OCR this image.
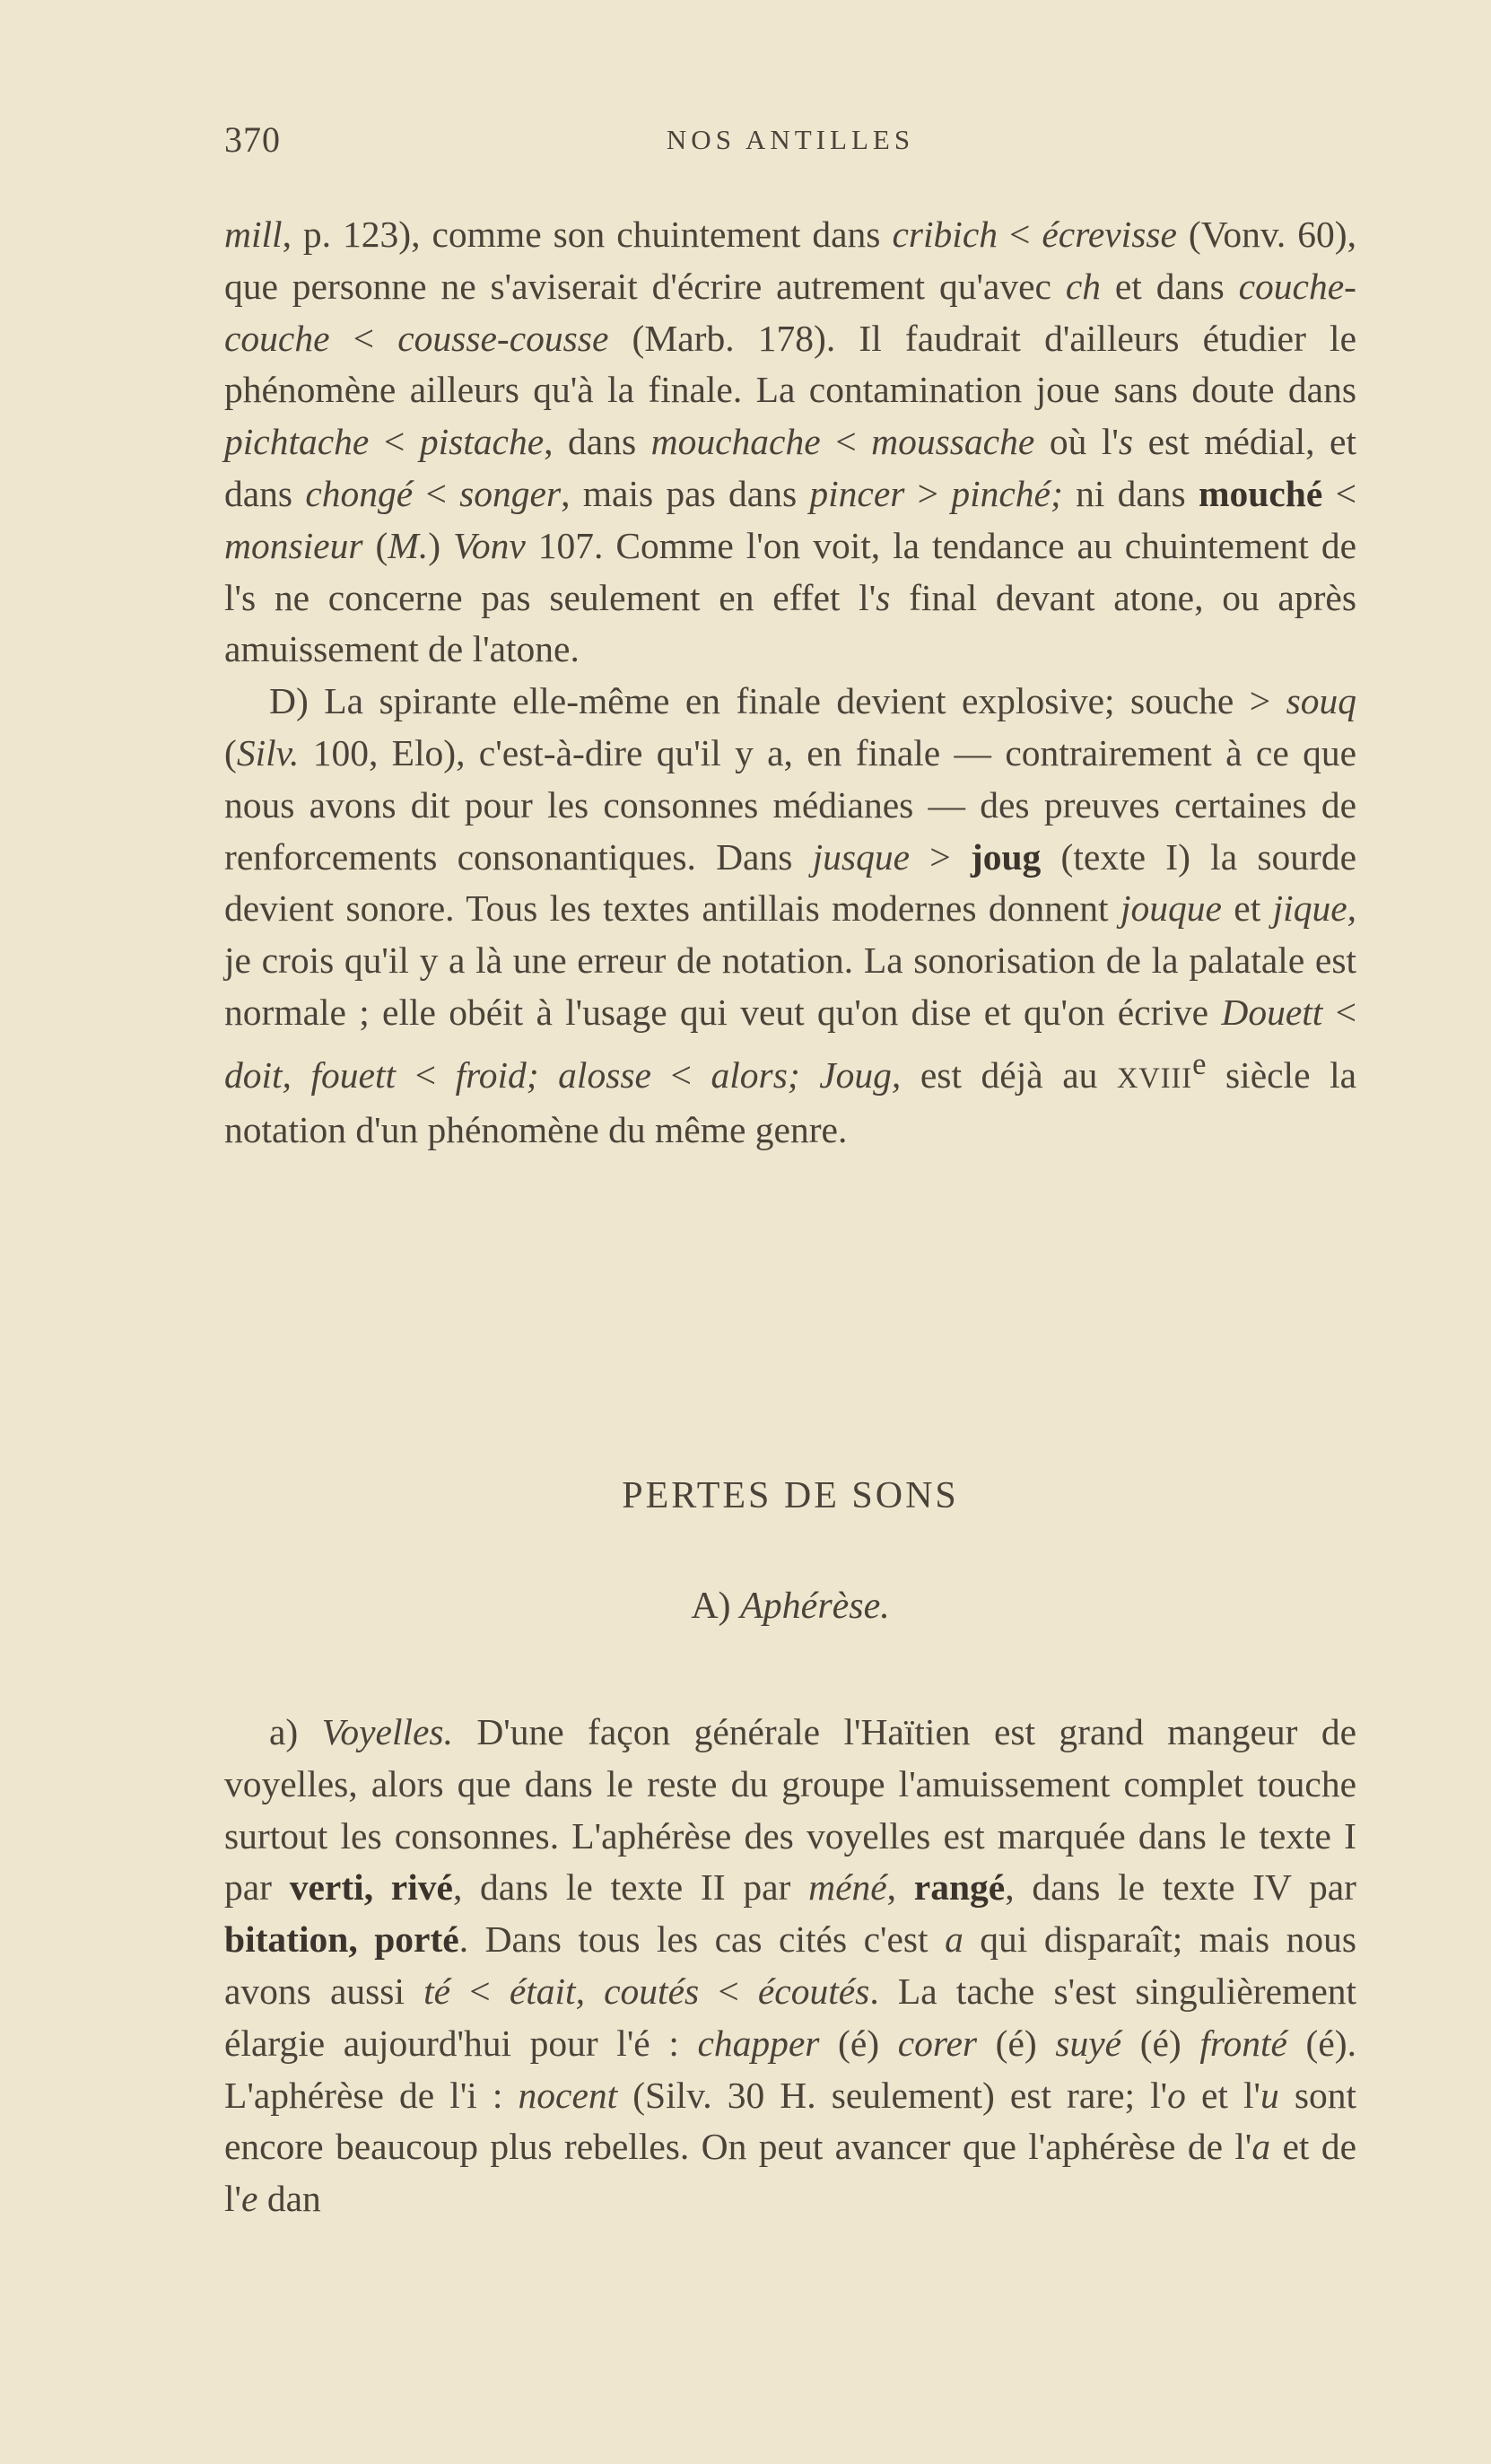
370	NOS ANTILLES

mill, p. 123), comme son chuintement dans cribich < écrevisse (Vonv. 60), que personne ne s'aviserait d'écrire autrement qu'avec ch et dans couche-couche < cousse-cousse (Marb. 178). Il faudrait d'ailleurs étudier le phénomène ailleurs qu'à la finale. La contamination joue sans doute dans pichtache < pistache, dans mouchache < moussache où l's est médial, et dans chongé < songer, mais pas dans pincer > pinché; ni dans mouché < monsieur (M.) Vonv 107. Comme l'on voit, la tendance au chuintement de l's ne concerne pas seulement en effet l's final devant atone, ou après amuissement de l'atone.

D) La spirante elle-même en finale devient explosive; souche > souq (Silv. 100, Elo), c'est-à-dire qu'il y a, en finale — contrairement à ce que nous avons dit pour les consonnes médianes — des preuves certaines de renforcements consonantiques. Dans jusque > joug (texte I) la sourde devient sonore. Tous les textes antillais modernes donnent jouque et jique, je crois qu'il y a là une erreur de notation. La sonorisation de la palatale est normale ; elle obéit à l'usage qui veut qu'on dise et qu'on écrive Douett < doit, fouett < froid; alosse < alors; Joug, est déjà au XVIIIe siècle la notation d'un phénomène du même genre.

PERTES DE SONS
A) Aphérèse.

a) Voyelles. D'une façon générale l'Haïtien est grand mangeur de voyelles, alors que dans le reste du groupe l'amuissement complet touche surtout les consonnes. L'aphérèse des voyelles est marquée dans le texte I par verti, rivé, dans le texte II par méné, rangé, dans le texte IV par bitation, porté. Dans tous les cas cités c'est a qui disparaît; mais nous avons aussi té < était, coutés < écoutés. La tache s'est singulièrement élargie aujourd'hui pour l'é : chapper (é) corer (é) suyé (é) fronté (é). L'aphérèse de l'i : nocent (Silv. 30 H. seulement) est rare; l'o et l'u sont encore beaucoup plus rebelles. On peut avancer que l'aphérèse de l'a et de l'e dan
